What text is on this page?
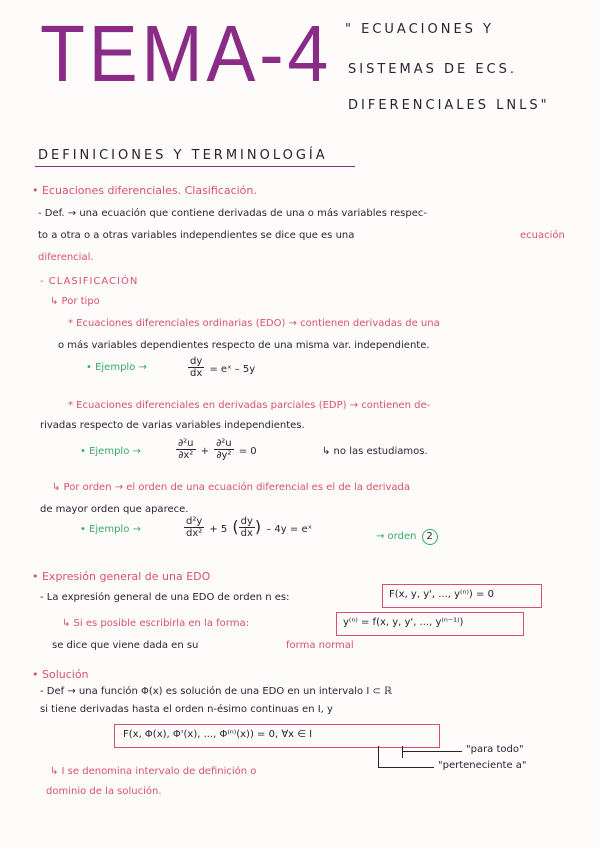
TEMA-4 " ECUACIONES Y
SISTEMAS DE ECS.
DIFERENCIALES LNLS"
DEFINICIONES Y TERMINOLOGÍA
• Ecuaciones diferenciales. Clasificación.
- Def. → una ecuación que contiene derivadas de una o más variables respec-
to a otra o a otras variables independientes se dice que es una	ecuación
diferencial.
- CLASIFICACIÓN
↳ Por tipo
* Ecuaciones diferenciales ordinarias (EDO) → contienen derivadas de una
o más variables dependientes respecto de una misma var. independiente.
• Ejemplo →	$\frac{dy}{dx}$ = eˣ – 5y
* Ecuaciones diferenciales en derivadas parciales (EDP) → contienen de-
rivadas respecto de varias variables independientes.
• Ejemplo →	$\frac{\text{∂²u}}{\text{∂x²}} + \frac{\text{∂²u}}{\text{∂y²}} = 0$	↳ no las estudiamos.
↳ Por orden → el orden de una ecuación diferencial es el de la derivada
de mayor orden que aparece.
• Ejemplo →	$\frac{\text{d²y}}{\text{dx²}} + 5$ ( $\frac{dy}{dx}$ ) – 4y = eˣ
→ orden 2
• Expresión general de una EDO
- La expresión general de una EDO de orden n es:	F(x, y, y', ..., y⁽ⁿ⁾) = 0
↳ Si es posible escribirla en la forma:	y⁽ⁿ⁾ = f(x, y, y', ..., y⁽ⁿ⁻¹⁾)
se dice que viene dada en su	forma normal
• Solución
- Def → una función Φ(x) es solución de una EDO en un intervalo I ⊂ ℝ
si tiene derivadas hasta el orden n-ésimo continuas en I, y
F(x, Φ(x), Φ'(x), ..., Φ⁽ⁿ⁾(x)) = 0, ∀x ∈ I
"para todo"
"perteneciente a"
↳ I se denomina intervalo de definición o
dominio de la solución.
